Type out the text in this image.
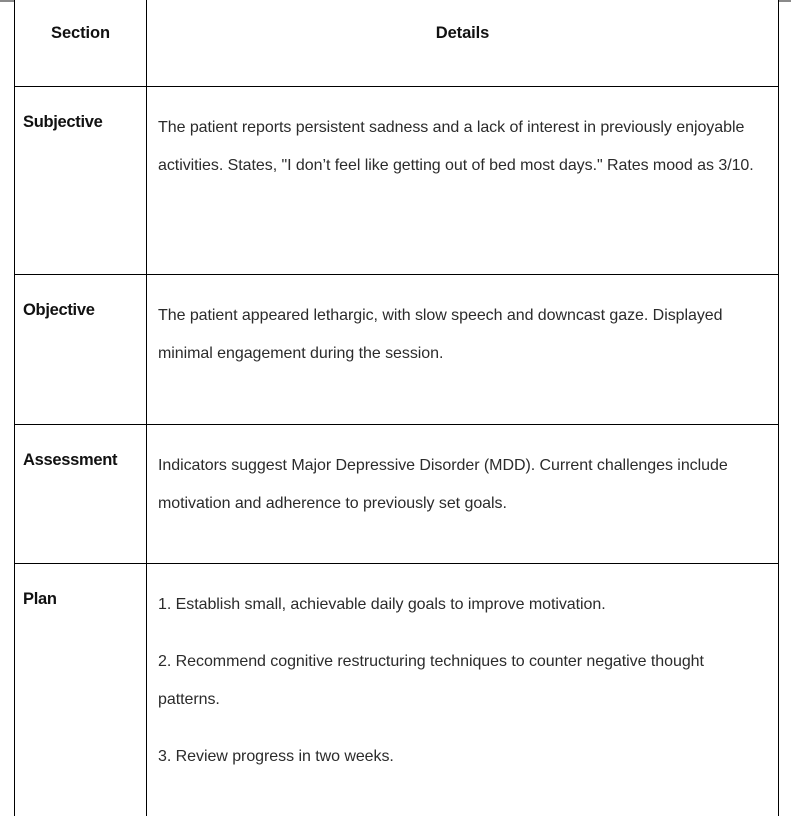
Section	Details

Subjective	The patient reports persistent sadness and a lack of interest in previously enjoyable activities. States, "I don’t feel like getting out of bed most days." Rates mood as 3/10.

Objective	The patient appeared lethargic, with slow speech and downcast gaze. Displayed minimal engagement during the session.

Assessment	Indicators suggest Major Depressive Disorder (MDD). Current challenges include motivation and adherence to previously set goals.

Plan	1. Establish small, achievable daily goals to improve motivation.

2. Recommend cognitive restructuring techniques to counter negative thought patterns.

3. Review progress in two weeks.
